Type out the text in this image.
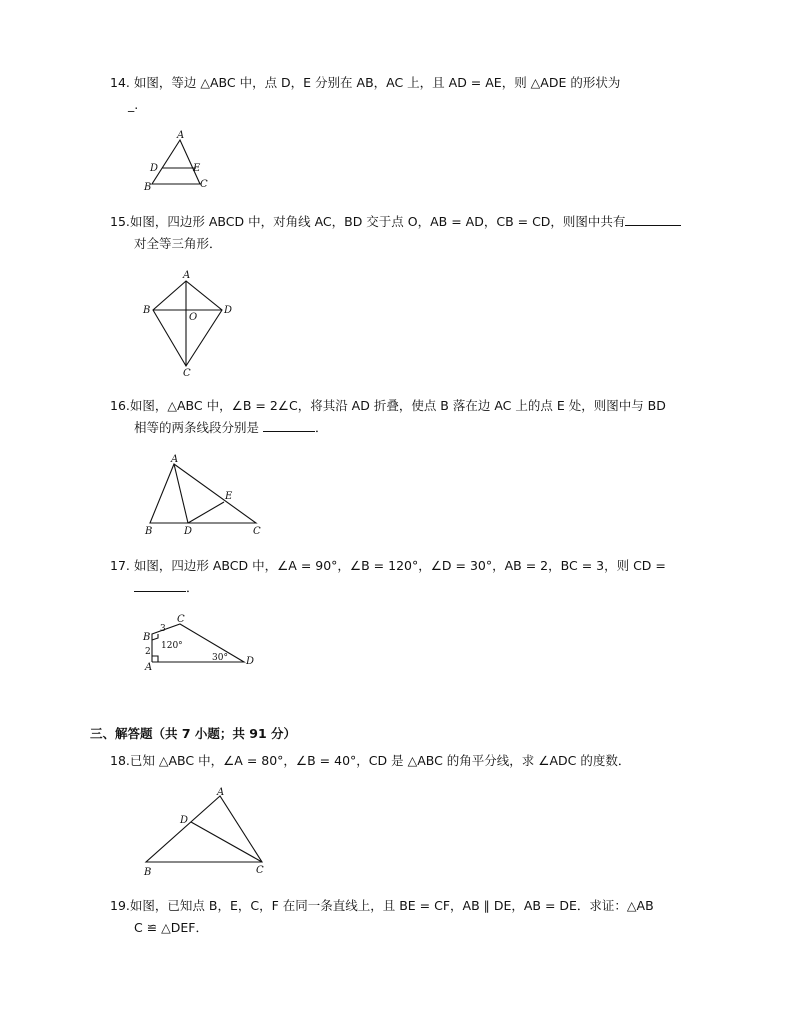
14. 如图，等边 △ABC 中，点 D，E 分别在 AB，AC 上，且 AD = AE，则 △ADE 的形状为
_.
A
D	E
B	C
15.如图，四边形 ABCD 中，对角线 AC，BD 交于点 O，AB = AD，CB = CD，则图中共有
对全等三角形．
A
B	D
O
C
16.如图，△ABC 中，∠B = 2∠C，将其沿 AD 折叠，使点 B 落在边 AC 上的点 E 处，则图中与 BD
相等的两条线段分别是	．
A
E
B	D	C
17. 如图，四边形 ABCD 中，∠A = 90°，∠B = 120°，∠D = 30°，AB = 2，BC = 3，则 CD =
．
C
B
A
D
3
2
120°
30°
三、解答题（共 7 小题；共 91 分）
18.已知 △ABC 中，∠A = 80°，∠B = 40°，CD 是 △ABC 的角平分线，求 ∠ADC 的度数．
A
D
B	C
19.如图，已知点 B，E，C，F 在同一条直线上，且 BE = CF，AB ∥ DE，AB = DE．求证：△AB
C ≌ △DEF．
